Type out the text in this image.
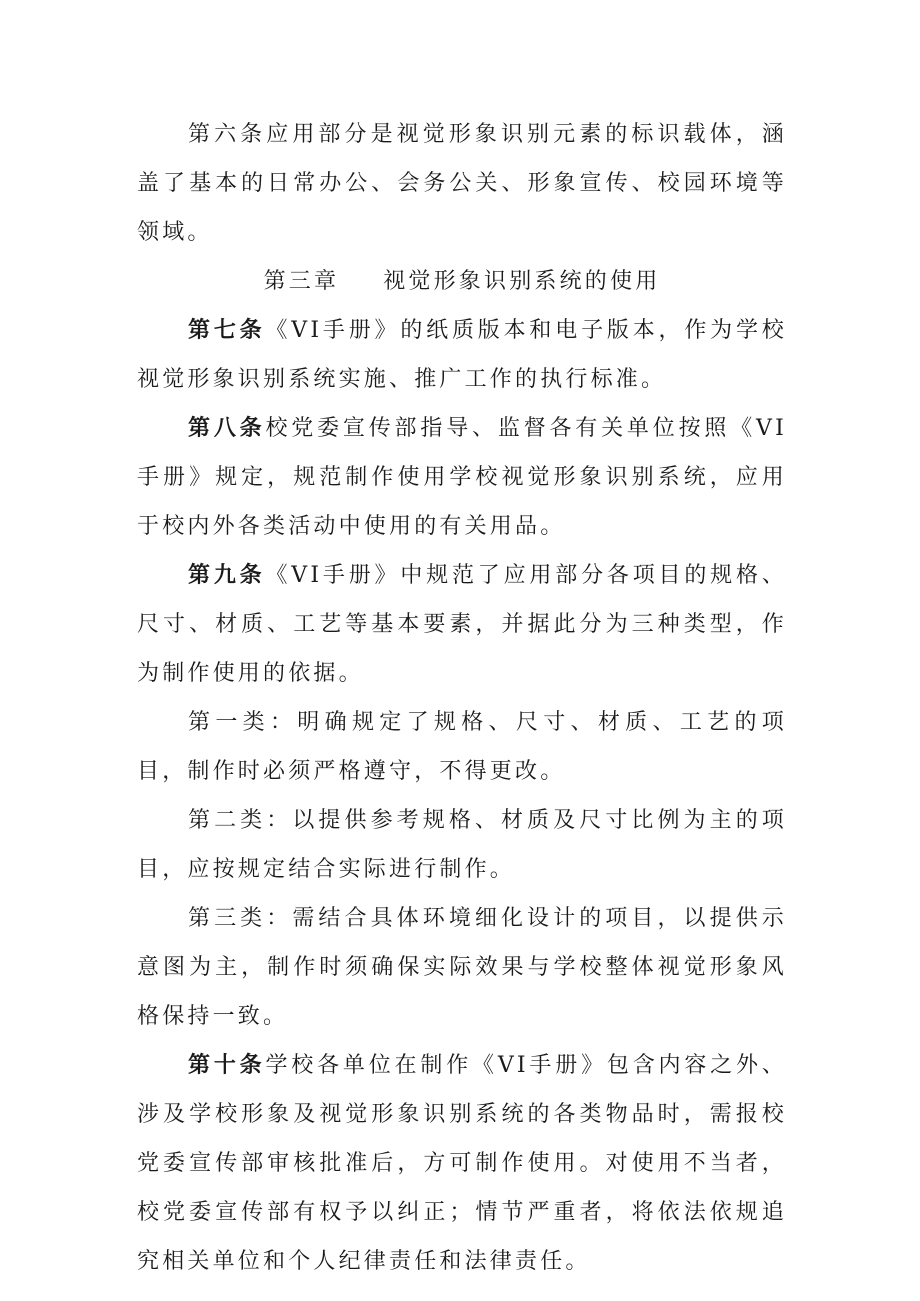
第六条应用部分是视觉形象识别元素的标识载体，涵盖了基本的日常办公、会务公关、形象宣传、校园环境等领域。

第三章 视觉形象识别系统的使用

第七条《VI手册》的纸质版本和电子版本，作为学校视觉形象识别系统实施、推广工作的执行标准。

第八条校党委宣传部指导、监督各有关单位按照《VI手册》规定，规范制作使用学校视觉形象识别系统，应用于校内外各类活动中使用的有关用品。

第九条《VI手册》中规范了应用部分各项目的规格、尺寸、材质、工艺等基本要素，并据此分为三种类型，作为制作使用的依据。

第一类：明确规定了规格、尺寸、材质、工艺的项目，制作时必须严格遵守，不得更改。

第二类：以提供参考规格、材质及尺寸比例为主的项目，应按规定结合实际进行制作。

第三类：需结合具体环境细化设计的项目，以提供示意图为主，制作时须确保实际效果与学校整体视觉形象风格保持一致。

第十条学校各单位在制作《VI手册》包含内容之外、涉及学校形象及视觉形象识别系统的各类物品时，需报校党委宣传部审核批准后，方可制作使用。对使用不当者，校党委宣传部有权予以纠正；情节严重者，将依法依规追究相关单位和个人纪律责任和法律责任。
